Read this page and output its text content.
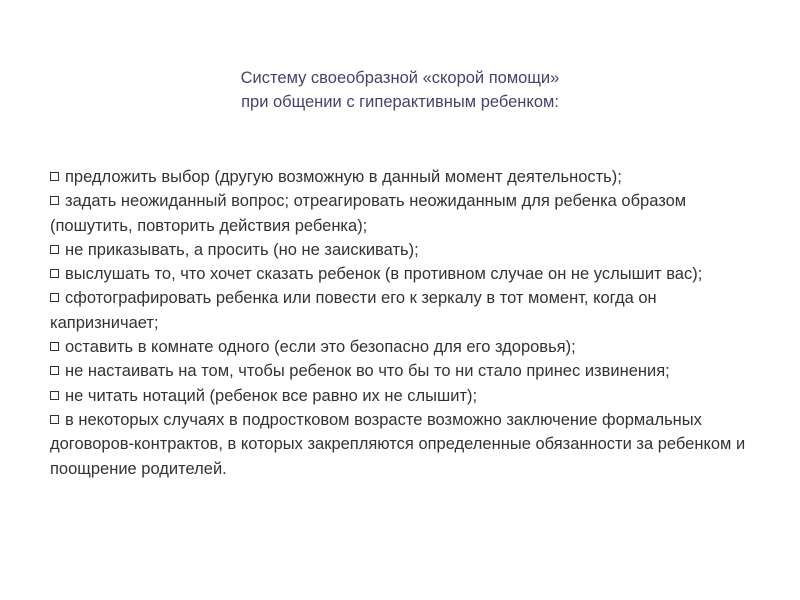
Систему своеобразной «скорой помощи»
при общении с гиперактивным ребенком:
предложить выбор (другую возможную в данный момент деятельность);
задать неожиданный вопрос; отреагировать неожиданным для ребенка образом (пошутить, повторить действия ребенка);
не приказывать, а просить (но не заискивать);
выслушать то, что хочет сказать ребенок (в противном случае он не услышит вас);
сфотографировать ребенка или повести его к зеркалу в тот момент, когда он капризничает;
оставить в комнате одного (если это безопасно для его здоровья);
не настаивать на том, чтобы ребенок во что бы то ни стало принес извинения;
не читать нотаций (ребенок все равно их не слышит);
в некоторых случаях в подростковом возрасте возможно заключение формальных договоров-контрактов, в которых закрепляются определенные обязанности за ребенком и поощрение родителей.
